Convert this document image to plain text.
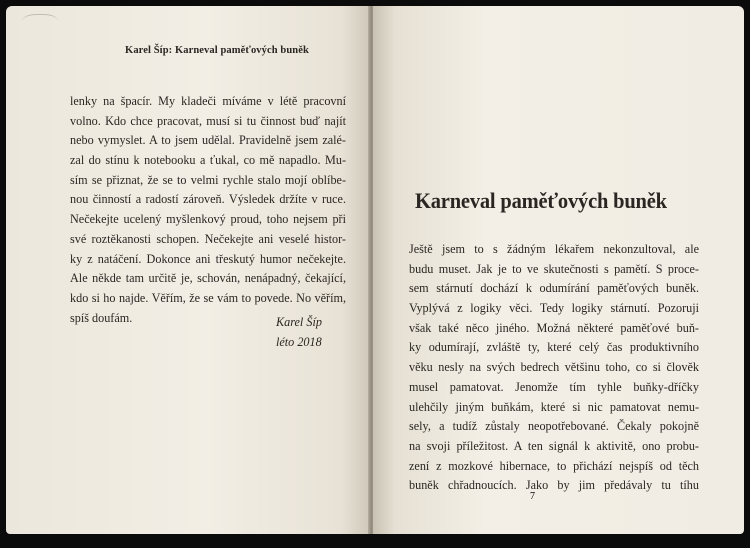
Karel Šíp: Karneval paměťových buněk
lenky na špacír. My kladeči míváme v létě pracovní
volno. Kdo chce pracovat, musí si tu činnost buď najít
nebo vymyslet. A to jsem udělal. Pravidelně jsem zalé-
zal do stínu k notebooku a ťukal, co mě napadlo. Mu-
sím se přiznat, že se to velmi rychle stalo mojí oblíbe-
nou činností a radostí zároveň. Výsledek držíte v ruce.
Nečekejte ucelený myšlenkový proud, toho nejsem při
své roztěkanosti schopen. Nečekejte ani veselé histor-
ky z natáčení. Dokonce ani třeskutý humor nečekejte.
Ale někde tam určitě je, schován, nenápadný, čekající,
kdo si ho najde. Věřím, že se vám to povede. No věřím,
spíš doufám.	Karel Šíp
léto 2018
Karneval paměťových buněk
Ještě jsem to s žádným lékařem nekonzultoval, ale
budu muset. Jak je to ve skutečnosti s pamětí. S proce-
sem stárnutí dochází k odumírání paměťových buněk.
Vyplývá z logiky věci. Tedy logiky stárnutí. Pozoruji
však také něco jiného. Možná některé paměťové buň-
ky odumírají, zvláště ty, které celý čas produktivního
věku nesly na svých bedrech většinu toho, co si člověk
musel pamatovat. Jenomže tím tyhle buňky-dříčky
ulehčily jiným buňkám, které si nic pamatovat nemu-
sely, a tudíž zůstaly neopotřebované. Čekaly pokojně
na svoji příležitost. A ten signál k aktivitě, ono probu-
zení z mozkové hibernace, to přichází nejspíš od těch
buněk chřadnoucích. Jako by jim předávaly tu tíhu
7
